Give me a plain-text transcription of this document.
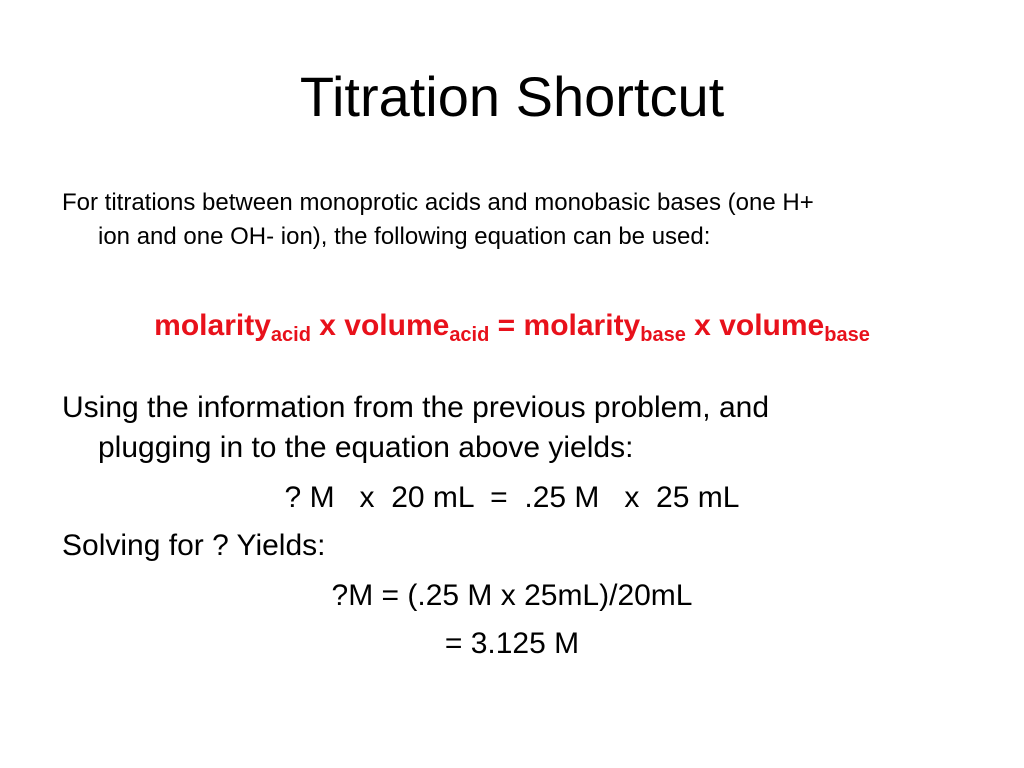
Titration Shortcut
For titrations between monoprotic acids and monobasic bases (one H+
ion and one OH- ion), the following equation can be used:
molarity$_{acid}$ x volume$_{acid}$ = molarity$_{base}$ x volume$_{base}$
Using the information from the previous problem, and
plugging in to the equation above yields:
? M   x  20 mL  =  .25 M   x  25 mL
Solving for ? Yields:
?M = (.25 M x 25mL)/20mL
= 3.125 M
